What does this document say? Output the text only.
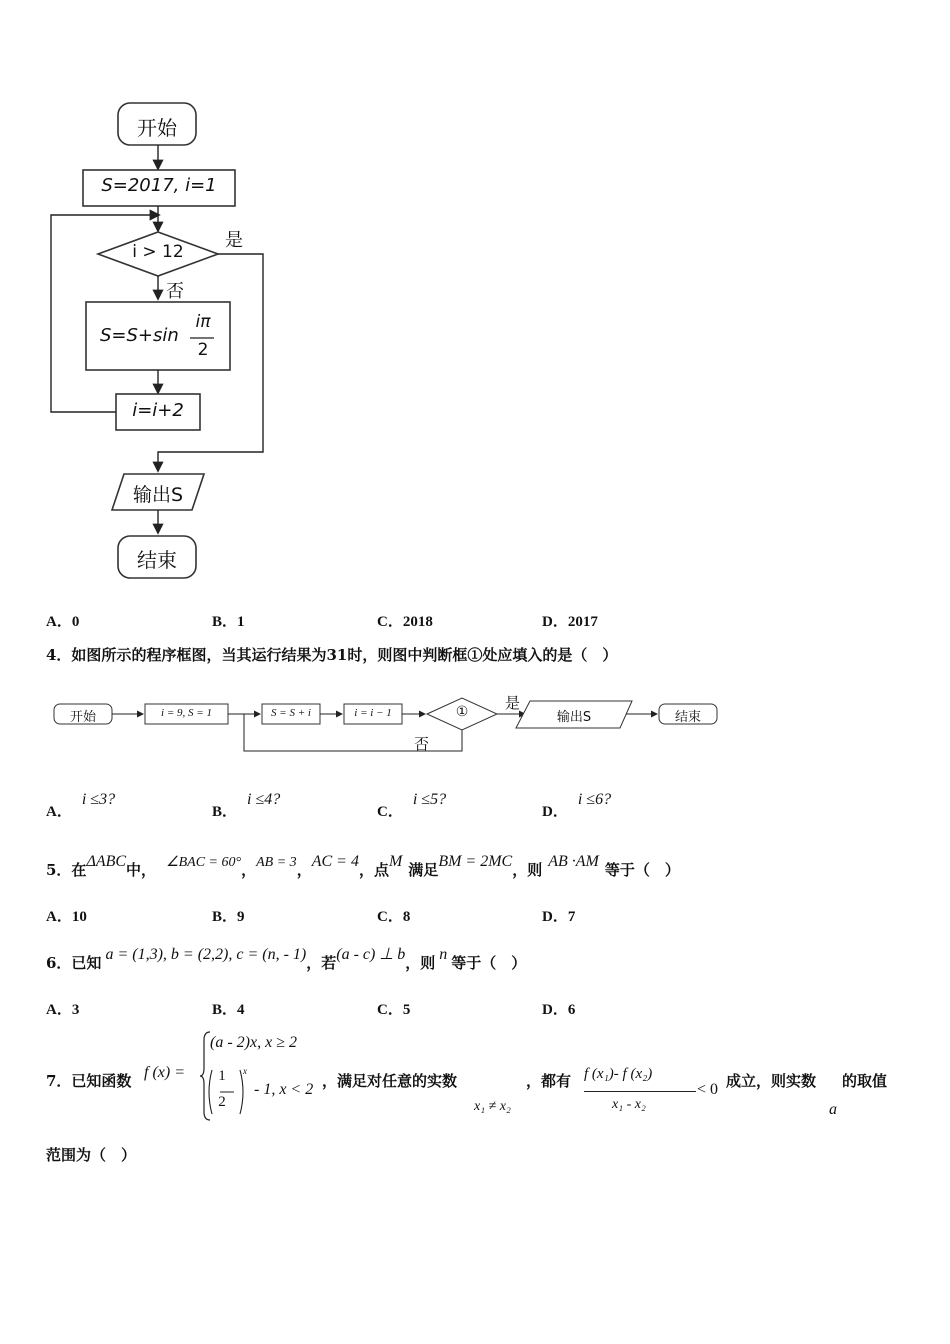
开始
S=2017, i=1
i > 12
是
否
S=S+sin
iπ
2
i=i+2
输出S
结束
A．0	B．1	C．2018	D．2017
4．如图所示的程序框图，当其运行结果为31时，则图中判断框①处应填入的是（　）
开始	i = 9, S = 1	S = S + i	i = i − 1	①	是
否
输出S	结束
A．i ≤3?
B．i ≤4?
C．i ≤5?
D．i ≤6?
5．在ΔABC中， ∠BAC = 60°，AB = 3，AC = 4，点M 满足BM = 2MC，则 AB ·AM 等于（　）
A．10	B．9	C．8	D．7
6．已知 a = (1,3), b = (2,2), c = (n, - 1)，若(a - c) ⊥ b，则 n 等于（　）
A．3	B．4	C．5	D．6
7．已知函数 f (x) =
(a - 2)x, x ≥ 2
1
2
x
- 1, x < 2 ，满足对任意的实数
x₁ ≠ x₂
，都有 f (x₁)- f (x₂)
x₁ - x₂
< 0 成立，则实数
a
的取值
范围为（　）
